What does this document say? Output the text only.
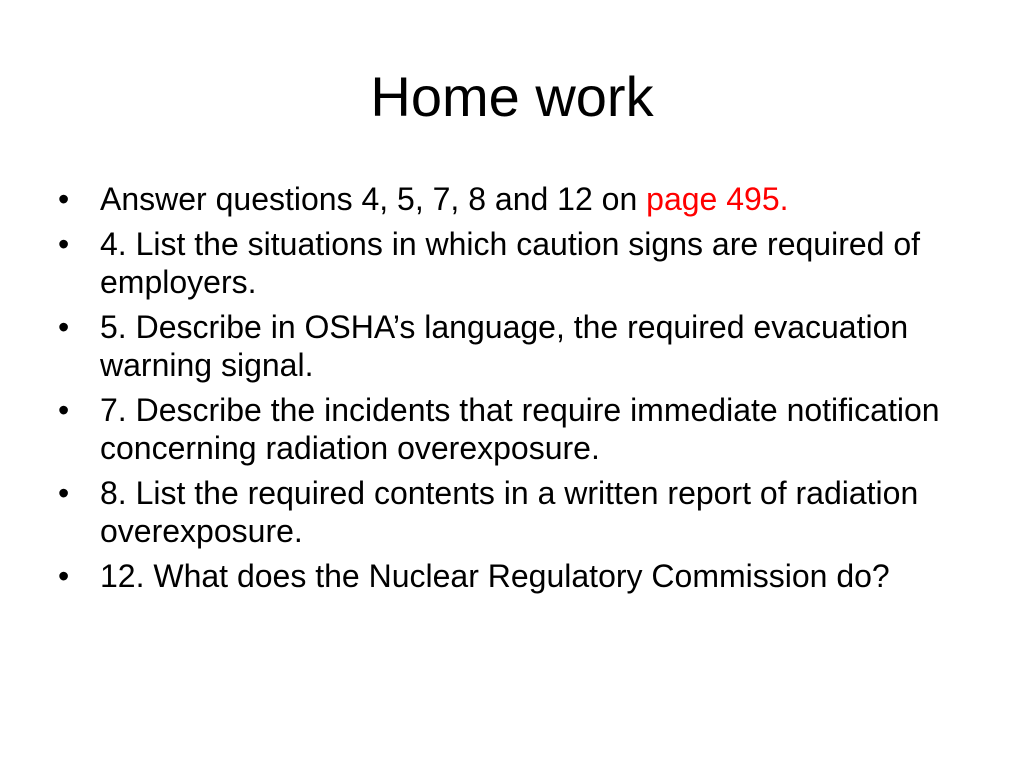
Home work
• Answer questions 4, 5, 7, 8 and 12 on page 495.
• 4. List the situations in which caution signs are required of employers.
• 5. Describe in OSHA’s language, the required evacuation warning signal.
• 7. Describe the incidents that require immediate notification concerning radiation overexposure.
• 8. List the required contents in a written report of radiation overexposure.
• 12. What does the Nuclear Regulatory Commission do?
